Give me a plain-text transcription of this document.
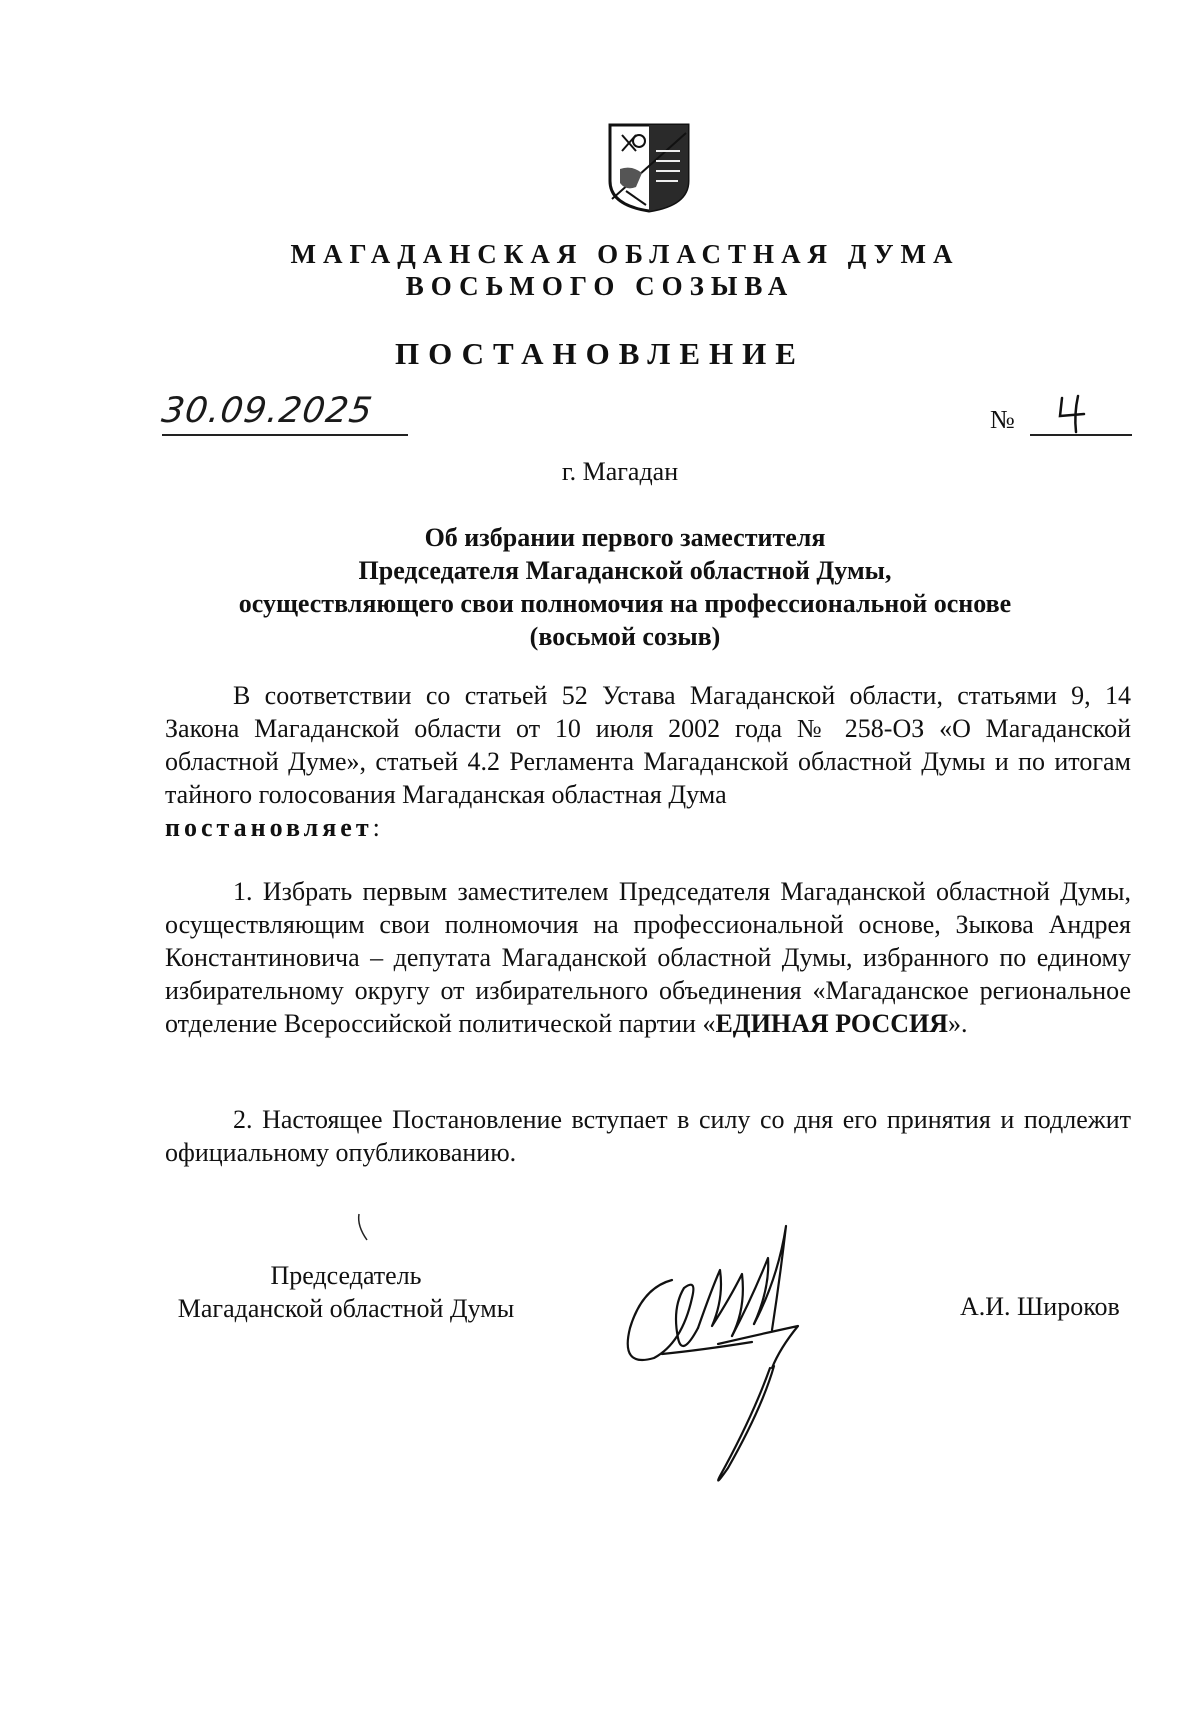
МАГАДАНСКАЯ ОБЛАСТНАЯ ДУМА
ВОСЬМОГО СОЗЫВА
ПОСТАНОВЛЕНИЕ
30.09.2025	№
г. Магадан
Об избрании первого заместителя
Председателя Магаданской областной Думы,
осуществляющего свои полномочия на профессиональной основе
(восьмой созыв)
В соответствии со статьей 52 Устава Магаданской области, статьями 9, 14 Закона Магаданской области от 10 июля 2002 года № 258-ОЗ «О Магаданской областной Думе», статьей 4.2 Регламента Магаданской областной Думы и по итогам тайного голосования Магаданская областная Дума
постановляет:
1. Избрать первым заместителем Председателя Магаданской областной Думы, осуществляющим свои полномочия на профессиональной основе, Зыкова Андрея Константиновича – депутата Магаданской областной Думы, избранного по единому избирательному округу от избирательного объединения «Магаданское региональное отделение Всероссийской политической партии «ЕДИНАЯ РОССИЯ».
2. Настоящее Постановление вступает в силу со дня его принятия и подлежит официальному опубликованию.
Председатель
Магаданской областной Думы	А.И. Широков
